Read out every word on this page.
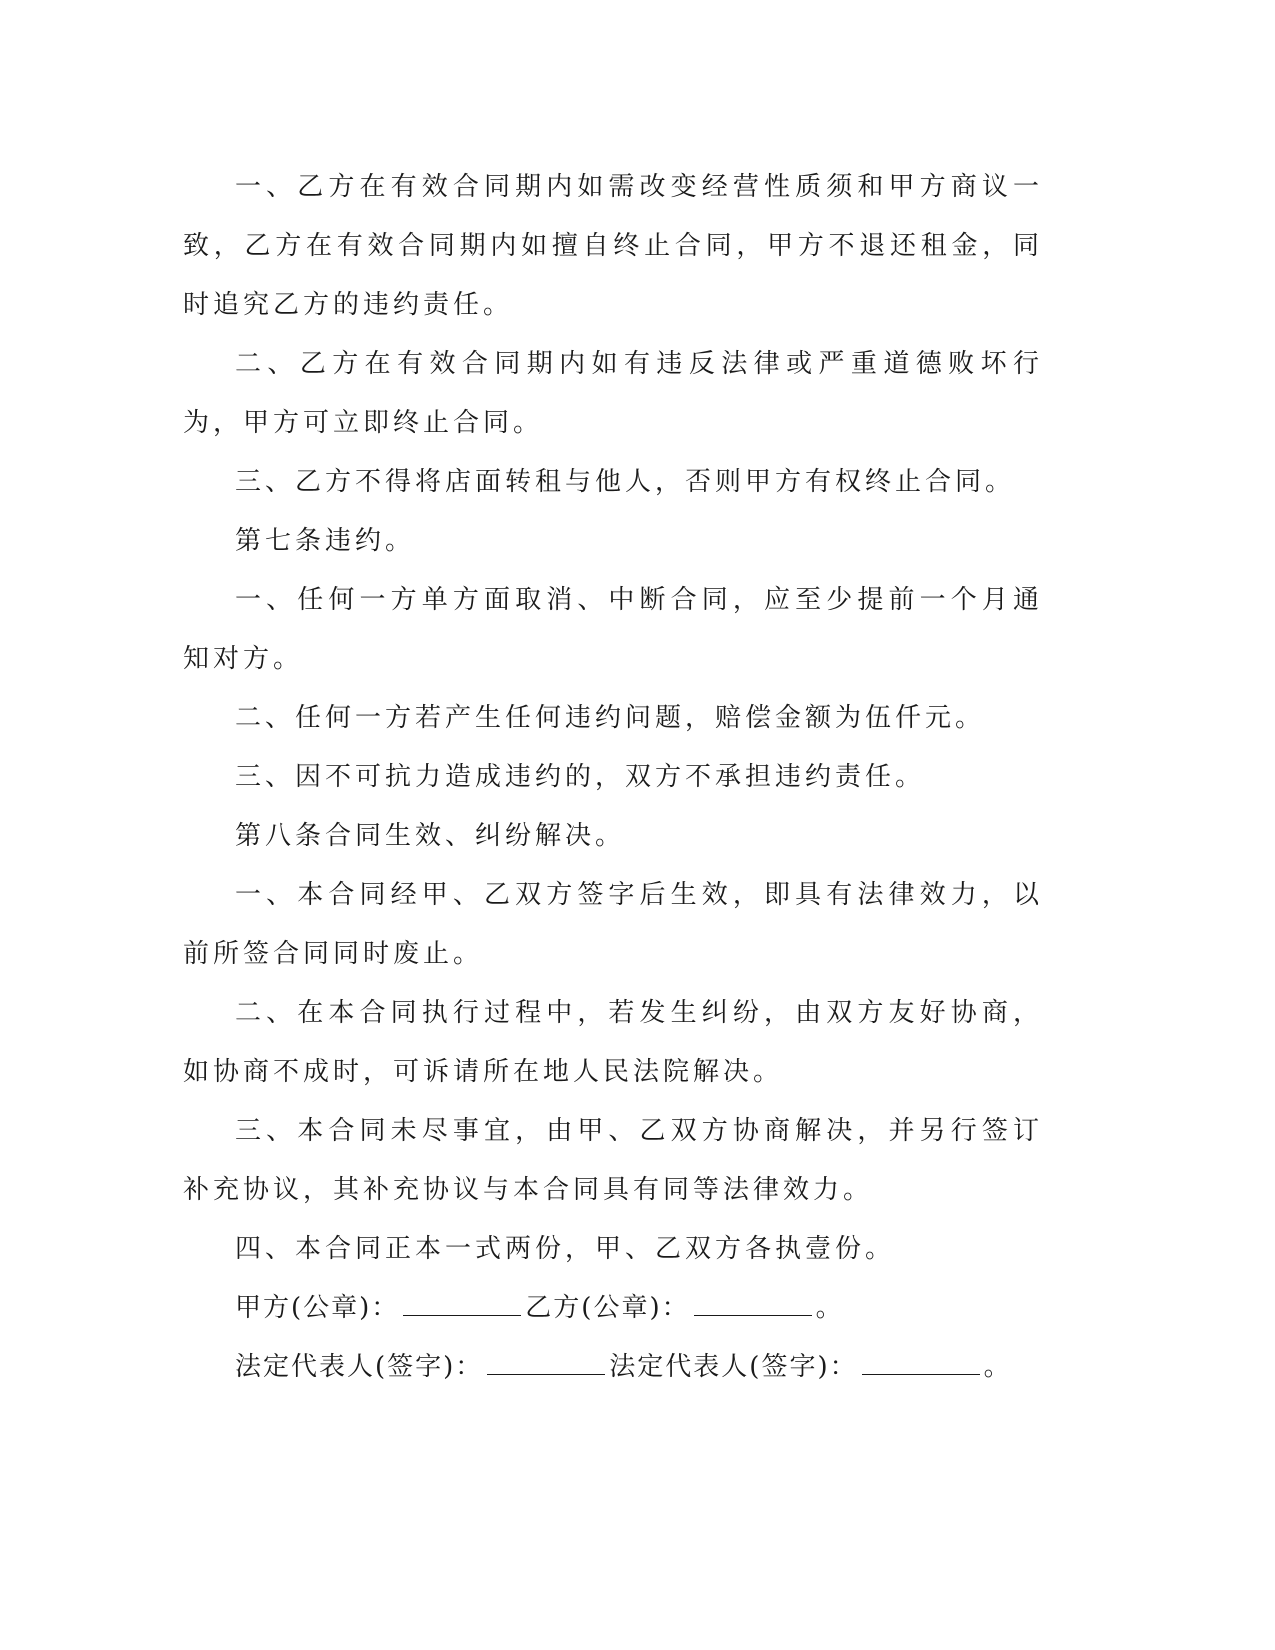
一、乙方在有效合同期内如需改变经营性质须和甲方商议一致，乙方在有效合同期内如擅自终止合同，甲方不退还租金，同时追究乙方的违约责任。

二、乙方在有效合同期内如有违反法律或严重道德败坏行为，甲方可立即终止合同。

三、乙方不得将店面转租与他人，否则甲方有权终止合同。

第七条违约。

一、任何一方单方面取消、中断合同，应至少提前一个月通知对方。

二、任何一方若产生任何违约问题，赔偿金额为伍仟元。

三、因不可抗力造成违约的，双方不承担违约责任。

第八条合同生效、纠纷解决。

一、本合同经甲、乙双方签字后生效，即具有法律效力，以前所签合同同时废止。

二、在本合同执行过程中，若发生纠纷，由双方友好协商，如协商不成时，可诉请所在地人民法院解决。

三、本合同未尽事宜，由甲、乙双方协商解决，并另行签订补充协议，其补充协议与本合同具有同等法律效力。

四、本合同正本一式两份，甲、乙双方各执壹份。

甲方(公章)：	乙方(公章)：	。

法定代表人(签字)：	法定代表人(签字)：	。
